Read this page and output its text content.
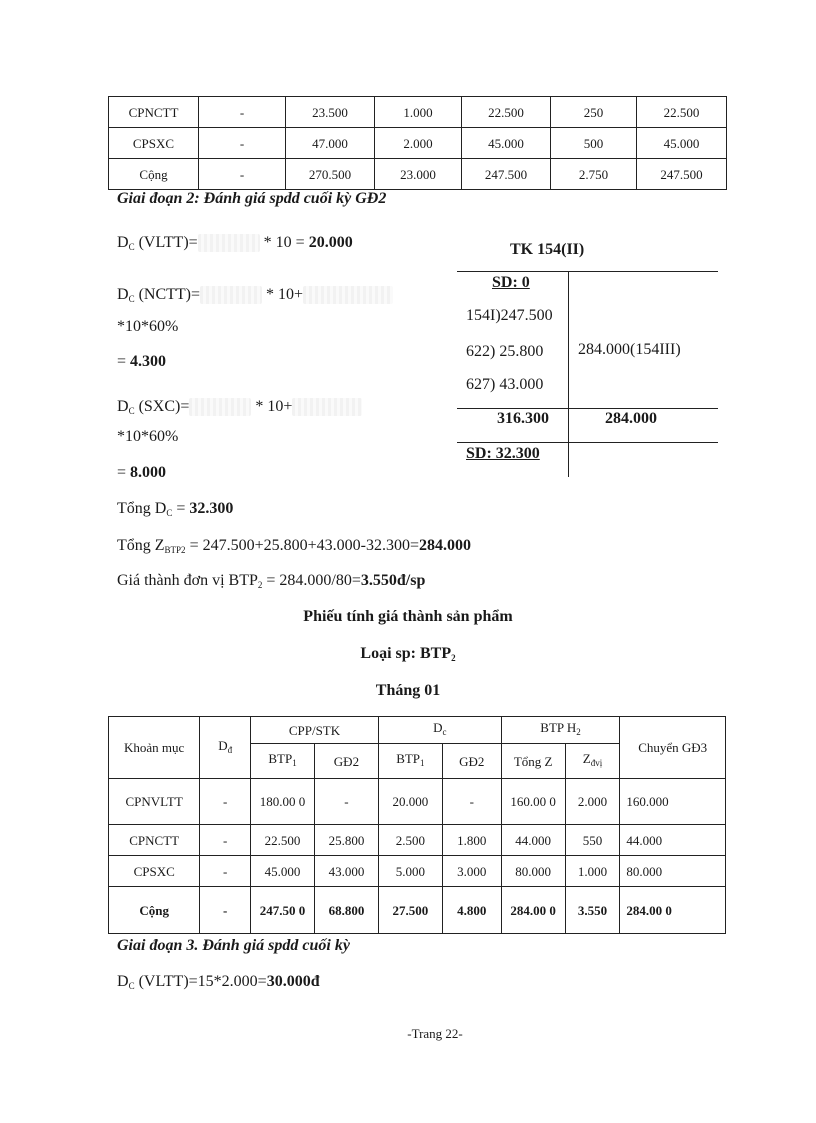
CPNCTT	-	23.500	1.000	22.500	250	22.500
CPSXC	-	47.000	2.000	45.000	500	45.000
Cộng	-	270.500	23.000	247.500	2.750	247.500
Giai đoạn 2: Đánh giá spdd cuối kỳ GĐ2
$D_C$ (VLTT)=	* 10 = 20.000
$D_C$ (NCTT)=	* 10+
*10*60%
= 4.300
$D_C$ (SXC)=	* 10+
*10*60%
= 8.000
Tổng $D_C = 32.300$
Tổng $Z_{BTP2} = 247.500+25.800+43.000-32.300=284.000$
Giá thành đơn vị $BTP_2$ = 284.000/80=3.550đ/sp
TK 154(II)
SD: 0
154I)247.500
622) 25.800
627) 43.000
284.000(154III)
316.300	284.000
SD: 32.300
Phiếu tính giá thành sản phẩm
Loại sp: $BTP_2$
Tháng 01
Khoản mục	$D_đ$	CPP/STK		$D_c$		BTP $H_2$		Chuyển GĐ3
		$BTP_1$	GĐ2	$BTP_1$	GĐ2	Tổng Z	$Z_{đvị}$
CPNVLTT	-	180.00 0	-	20.000	-	160.00 0	2.000	160.000
CPNCTT	-	22.500	25.800	2.500	1.800	44.000	550	44.000
CPSXC	-	45.000	43.000	5.000	3.000	80.000	1.000	80.000
Cộng	-	247.50 0	68.800	27.500	4.800	284.00 0	3.550	284.00 0
Giai đoạn 3. Đánh giá spdd cuối kỳ
$D_C$ (VLTT)=15*2.000=30.000đ
-Trang 22-
